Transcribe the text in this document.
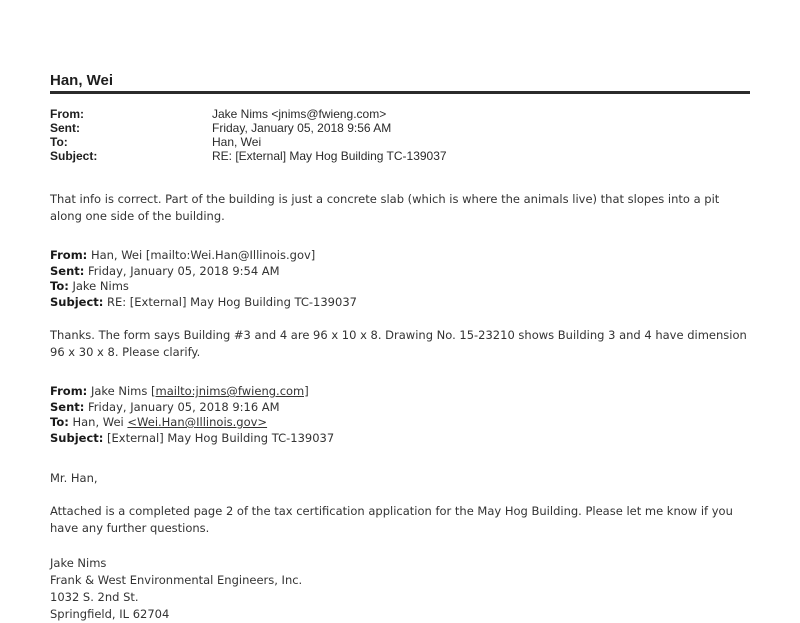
Han, Wei
From:	Jake Nims <jnims@fwieng.com>
Sent:	Friday, January 05, 2018 9:56 AM
To:	Han, Wei
Subject:	RE: [External] May Hog Building TC-139037
That info is correct. Part of the building is just a concrete slab (which is where the animals live) that slopes into a pit along one side of the building.
From: Han, Wei [mailto:Wei.Han@Illinois.gov]
Sent: Friday, January 05, 2018 9:54 AM
To: Jake Nims
Subject: RE: [External] May Hog Building TC-139037
Thanks. The form says Building #3 and 4 are 96 x 10 x 8. Drawing No. 15-23210 shows Building 3 and 4 have dimension 96 x 30 x 8. Please clarify.
From: Jake Nims [mailto:jnims@fwieng.com]
Sent: Friday, January 05, 2018 9:16 AM
To: Han, Wei <Wei.Han@Illinois.gov>
Subject: [External] May Hog Building TC-139037
Mr. Han,
Attached is a completed page 2 of the tax certification application for the May Hog Building. Please let me know if you have any further questions.
Jake Nims
Frank & West Environmental Engineers, Inc.
1032 S. 2nd St.
Springfield, IL 62704
